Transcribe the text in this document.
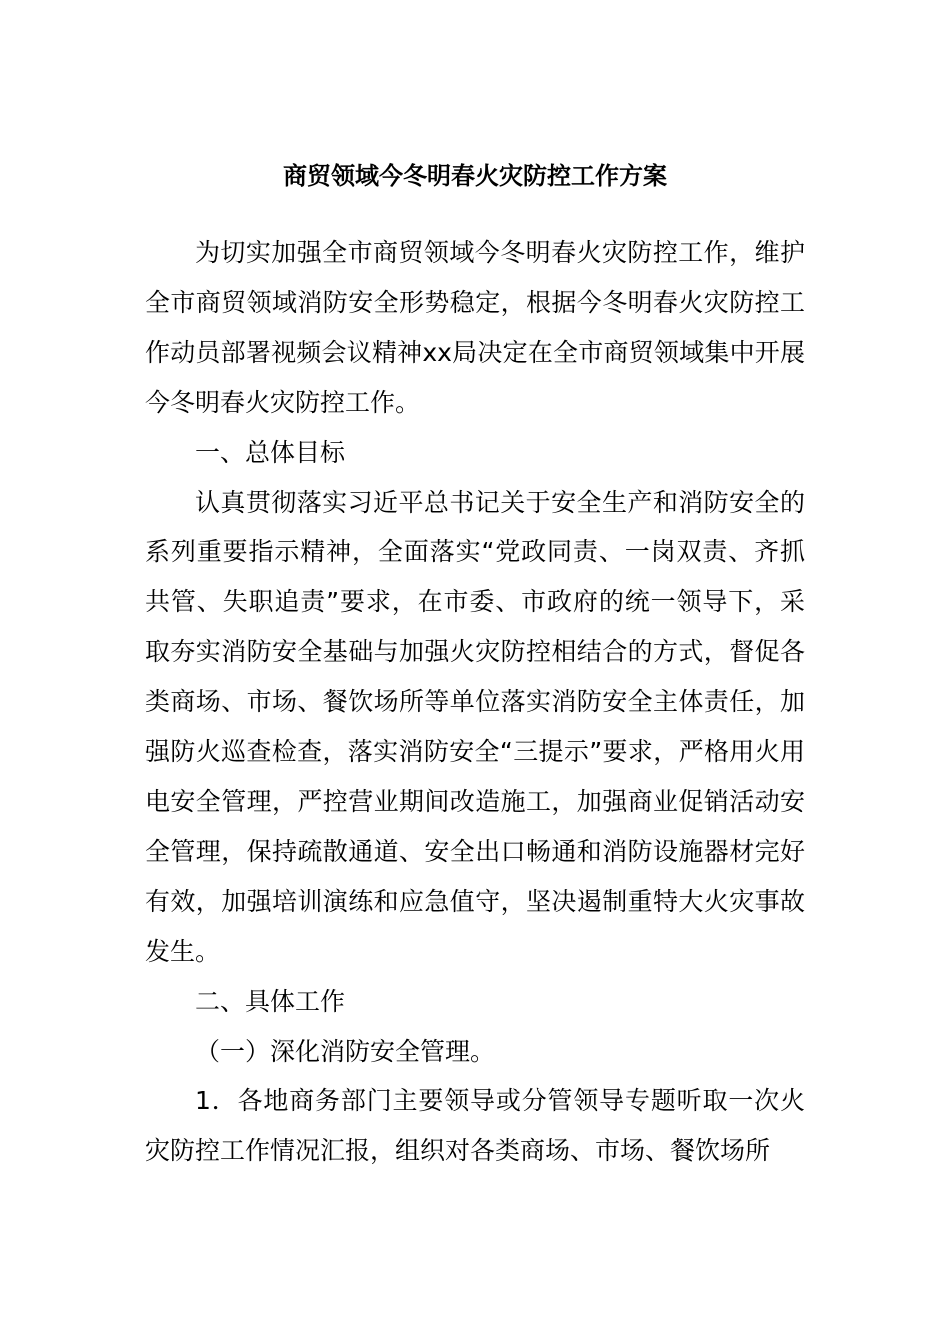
商贸领域今冬明春火灾防控工作方案

为切实加强全市商贸领域今冬明春火灾防控工作，维护全市商贸领域消防安全形势稳定，根据今冬明春火灾防控工作动员部署视频会议精神xx局决定在全市商贸领域集中开展今冬明春火灾防控工作。

一、总体目标

认真贯彻落实习近平总书记关于安全生产和消防安全的系列重要指示精神，全面落实“党政同责、一岗双责、齐抓共管、失职追责”要求，在市委、市政府的统一领导下，采取夯实消防安全基础与加强火灾防控相结合的方式，督促各类商场、市场、餐饮场所等单位落实消防安全主体责任，加强防火巡查检查，落实消防安全“三提示”要求，严格用火用电安全管理，严控营业期间改造施工，加强商业促销活动安全管理，保持疏散通道、安全出口畅通和消防设施器材完好有效，加强培训演练和应急值守，坚决遏制重特大火灾事故发生。

二、具体工作

（一）深化消防安全管理。

1．各地商务部门主要领导或分管领导专题听取一次火灾防控工作情况汇报，组织对各类商场、市场、餐饮场所
